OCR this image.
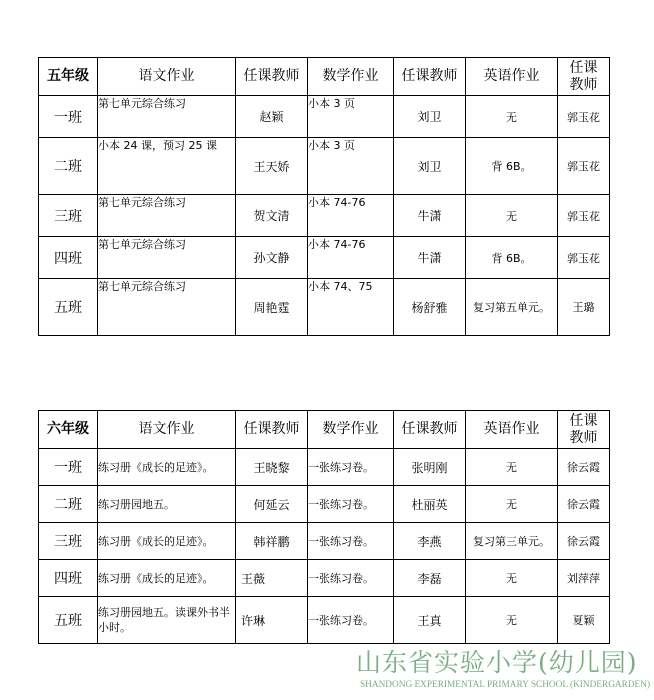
五年级	语文作业	任课教师	数学作业	任课教师	英语作业	任课
教师
一班	第七单元综合练习	赵颖	小本 3 页	刘卫	无	郭玉花
二班	小本 24 课，预习 25 课	王天娇	小本 3 页	刘卫	背 6B。	郭玉花
三班	第七单元综合练习	贺文清	小本 74-76	牛潇	无	郭玉花
四班	第七单元综合练习	孙文静	小本 74-76	牛潇	背 6B。	郭玉花
五班	第七单元综合练习	周艳霆	小本 74、75	杨舒雅	复习第五单元。	王璐
六年级	语文作业	任课教师	数学作业	任课教师	英语作业	任课
教师
一班	练习册《成长的足迹》。	王晓黎	一张练习卷。	张明刚	无	徐云霞
二班	练习册园地五。	何延云	一张练习卷。	杜丽英	无	徐云霞
三班	练习册《成长的足迹》。	韩祥鹏	一张练习卷。	李燕	复习第三单元。	徐云霞
四班	练习册《成长的足迹》。	王薇	一张练习卷。	李磊	无	刘萍萍
五班	练习册园地五。读课外书半小时。	许琳	一张练习卷。	王真	无	夏颖
山东省实验小学(幼儿园)
SHANDONG EXPERIMENTAL PRIMARY SCHOOL (KINDERGARDEN)
